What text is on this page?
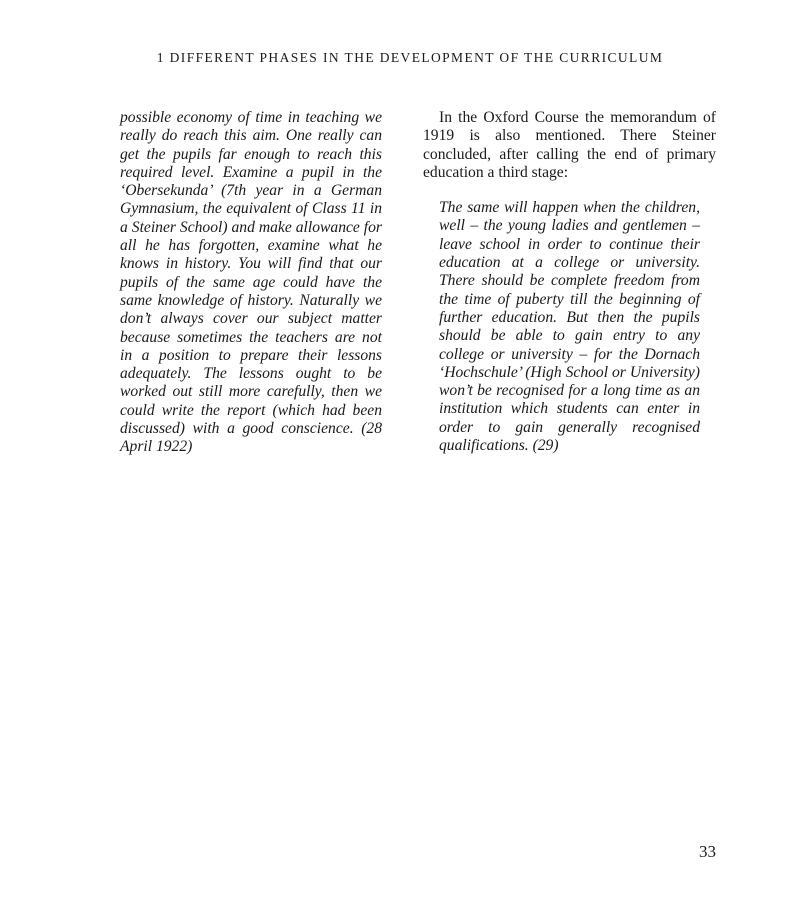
1 DIFFERENT PHASES IN THE DEVELOPMENT OF THE CURRICULUM

possible economy of time in teaching we really do reach this aim. One really can get the pupils far enough to reach this required level. Examine a pupil in the ‘Obersekunda’ (7th year in a German Gymnasium, the equivalent of Class 11 in a Steiner School) and make allowance for all he has forgotten, examine what he knows in history. You will find that our pupils of the same age could have the same knowledge of history. Naturally we don’t always cover our subject matter because sometimes the teachers are not in a position to prepare their lessons adequately. The lessons ought to be worked out still more carefully, then we could write the report (which had been discussed) with a good conscience. (28 April 1922)

In the Oxford Course the memorandum of 1919 is also mentioned. There Steiner concluded, after calling the end of primary education a third stage:

The same will happen when the children, well – the young ladies and gentlemen – leave school in order to continue their education at a college or university. There should be complete freedom from the time of puberty till the beginning of further education. But then the pupils should be able to gain entry to any college or university – for the Dornach ‘Hochschule’ (High School or University) won’t be recognised for a long time as an institution which students can enter in order to gain generally recognised qualifications. (29)
33
